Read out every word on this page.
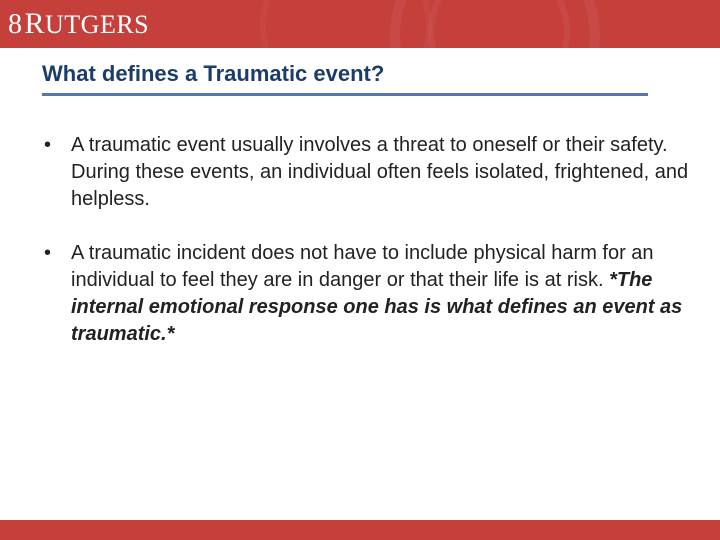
8RUTGERS
What defines a Traumatic event?
• A traumatic event usually involves a threat to oneself or their safety. During these events, an individual often feels isolated, frightened, and helpless.
• A traumatic incident does not have to include physical harm for an individual to feel they are in danger or that their life is at risk. *The internal emotional response one has is what defines an event as traumatic.*
